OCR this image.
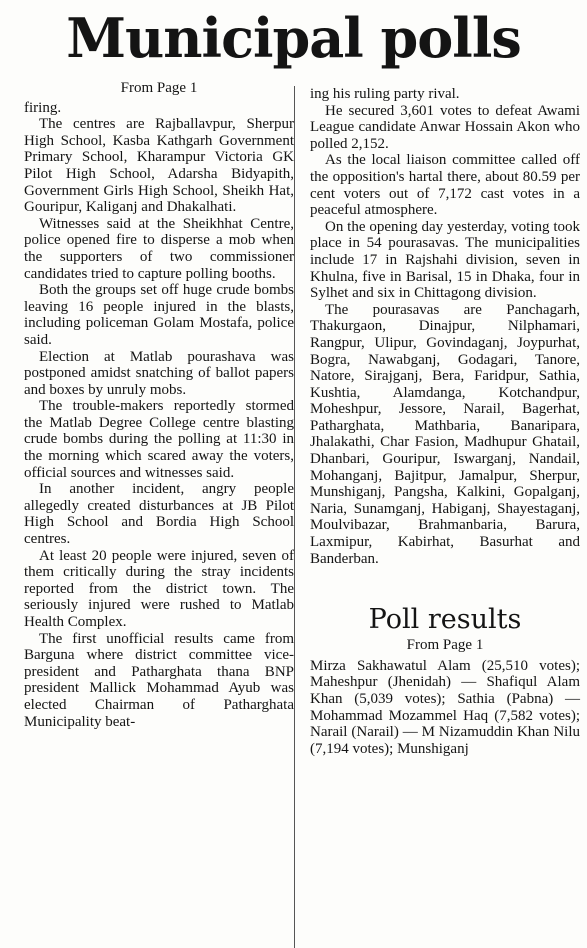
Municipal polls
From Page 1

firing.

The centres are Rajballavpur, Sherpur High School, Kasba Kathgarh Government Primary School, Kharampur Victoria GK Pilot High School, Adarsha Bidyapith, Government Girls High School, Sheikh Hat, Gouripur, Kaliganj and Dhakalhati.

Witnesses said at the Sheikhhat Centre, police opened fire to disperse a mob when the supporters of two commissioner candidates tried to capture polling booths.

Both the groups set off huge crude bombs leaving 16 people injured in the blasts, including policeman Golam Mostafa, police said.

Election at Matlab pourashava was postponed amidst snatching of ballot papers and boxes by unruly mobs.

The trouble-makers reportedly stormed the Matlab Degree College centre blasting crude bombs during the polling at 11:30 in the morning which scared away the voters, official sources and witnesses said.

In another incident, angry people allegedly created disturbances at JB Pilot High School and Bordia High School centres.

At least 20 people were injured, seven of them critically during the stray incidents reported from the district town. The seriously injured were rushed to Matlab Health Complex.

The first unofficial results came from Barguna where district committee vice-president and Patharghata thana BNP president Mallick Mohammad Ayub was elected Chairman of Patharghata Municipality beat-

ing his ruling party rival.

He secured 3,601 votes to defeat Awami League candidate Anwar Hossain Akon who polled 2,152.

As the local liaison committee called off the opposition's hartal there, about 80.59 per cent voters out of 7,172 cast votes in a peaceful atmosphere.

On the opening day yesterday, voting took place in 54 pourasavas. The municipalities include 17 in Rajshahi division, seven in Khulna, five in Barisal, 15 in Dhaka, four in Sylhet and six in Chittagong division.

The pourasavas are Panchagarh, Thakurgaon, Dinajpur, Nilphamari, Rangpur, Ulipur, Govindaganj, Joypurhat, Bogra, Nawabganj, Godagari, Tanore, Natore, Sirajganj, Bera, Faridpur, Sathia, Kushtia, Alamdanga, Kotchandpur, Moheshpur, Jessore, Narail, Bagerhat, Patharghata, Mathbaria, Banaripara, Jhalakathi, Char Fasion, Madhupur Ghatail, Dhanbari, Gouripur, Iswarganj, Nandail, Mohanganj, Bajitpur, Jamalpur, Sherpur, Munshiganj, Pangsha, Kalkini, Gopalganj, Naria, Sunamganj, Habiganj, Shayestaganj, Moulvibazar, Brahmanbaria, Barura, Laxmipur, Kabirhat, Basurhat and Banderban.

Poll results
From Page 1

Mirza Sakhawatul Alam (25,510 votes); Maheshpur (Jhenidah) — Shafiqul Alam Khan (5,039 votes); Sathia (Pabna) — Mohammad Mozammel Haq (7,582 votes); Narail (Narail) — M Nizamuddin Khan Nilu (7,194 votes); Munshiganj
